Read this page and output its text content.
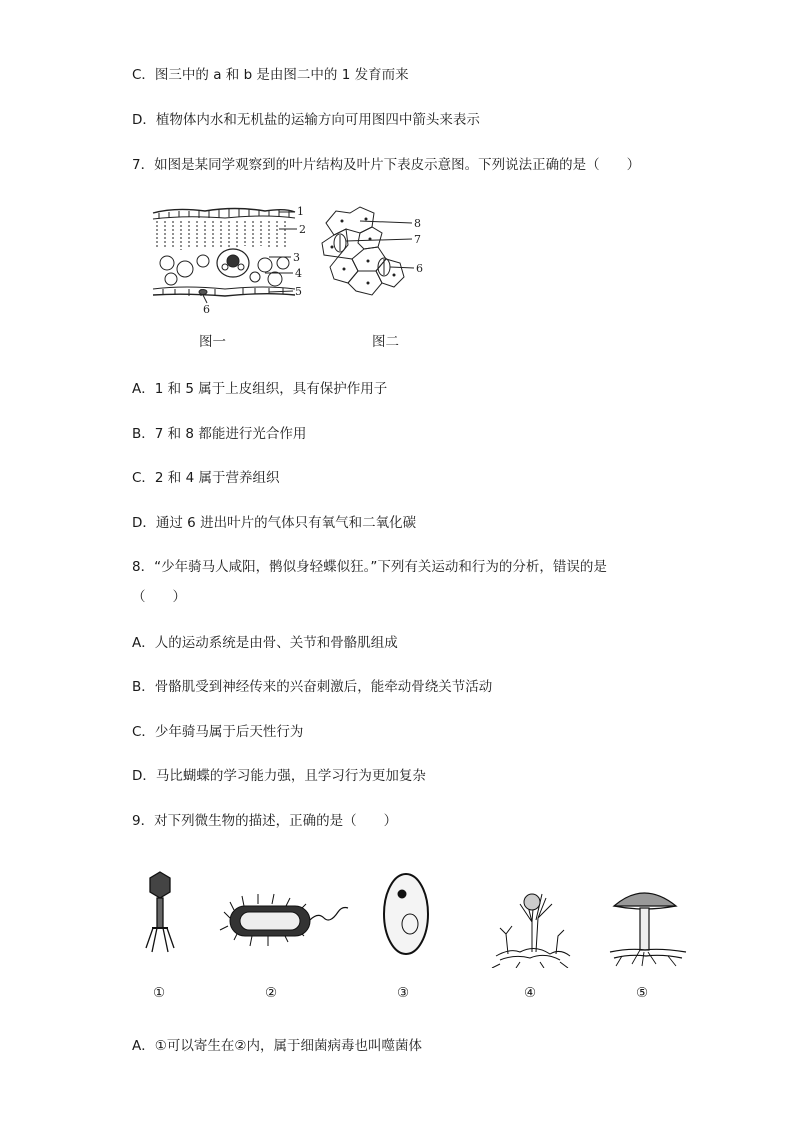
C．图三中的 a 和 b 是由图二中的 1 发育而来
D．植物体内水和无机盐的运输方向可用图四中箭头来表示
7．如图是某同学观察到的叶片结构及叶片下表皮示意图。下列说法正确的是（　　）
1
2
3
4
5
6
8
7
6
图一	图二
A．1 和 5 属于上皮组织，具有保护作用子
B．7 和 8 都能进行光合作用
C．2 和 4 属于营养组织
D．通过 6 进出叶片的气体只有氧气和二氧化碳
8．“少年骑马人咸阳，鹘似身轻蝶似狂。”下列有关运动和行为的分析，错误的是
（　　）
A．人的运动系统是由骨、关节和骨骼肌组成
B．骨骼肌受到神经传来的兴奋刺激后，能牵动骨绕关节活动
C．少年骑马属于后天性行为
D．马比蝴蝶的学习能力强，且学习行为更加复杂
9．对下列微生物的描述，正确的是（　　）
①	②	③	④	⑤
A．①可以寄生在②内，属于细菌病毒也叫噬菌体
